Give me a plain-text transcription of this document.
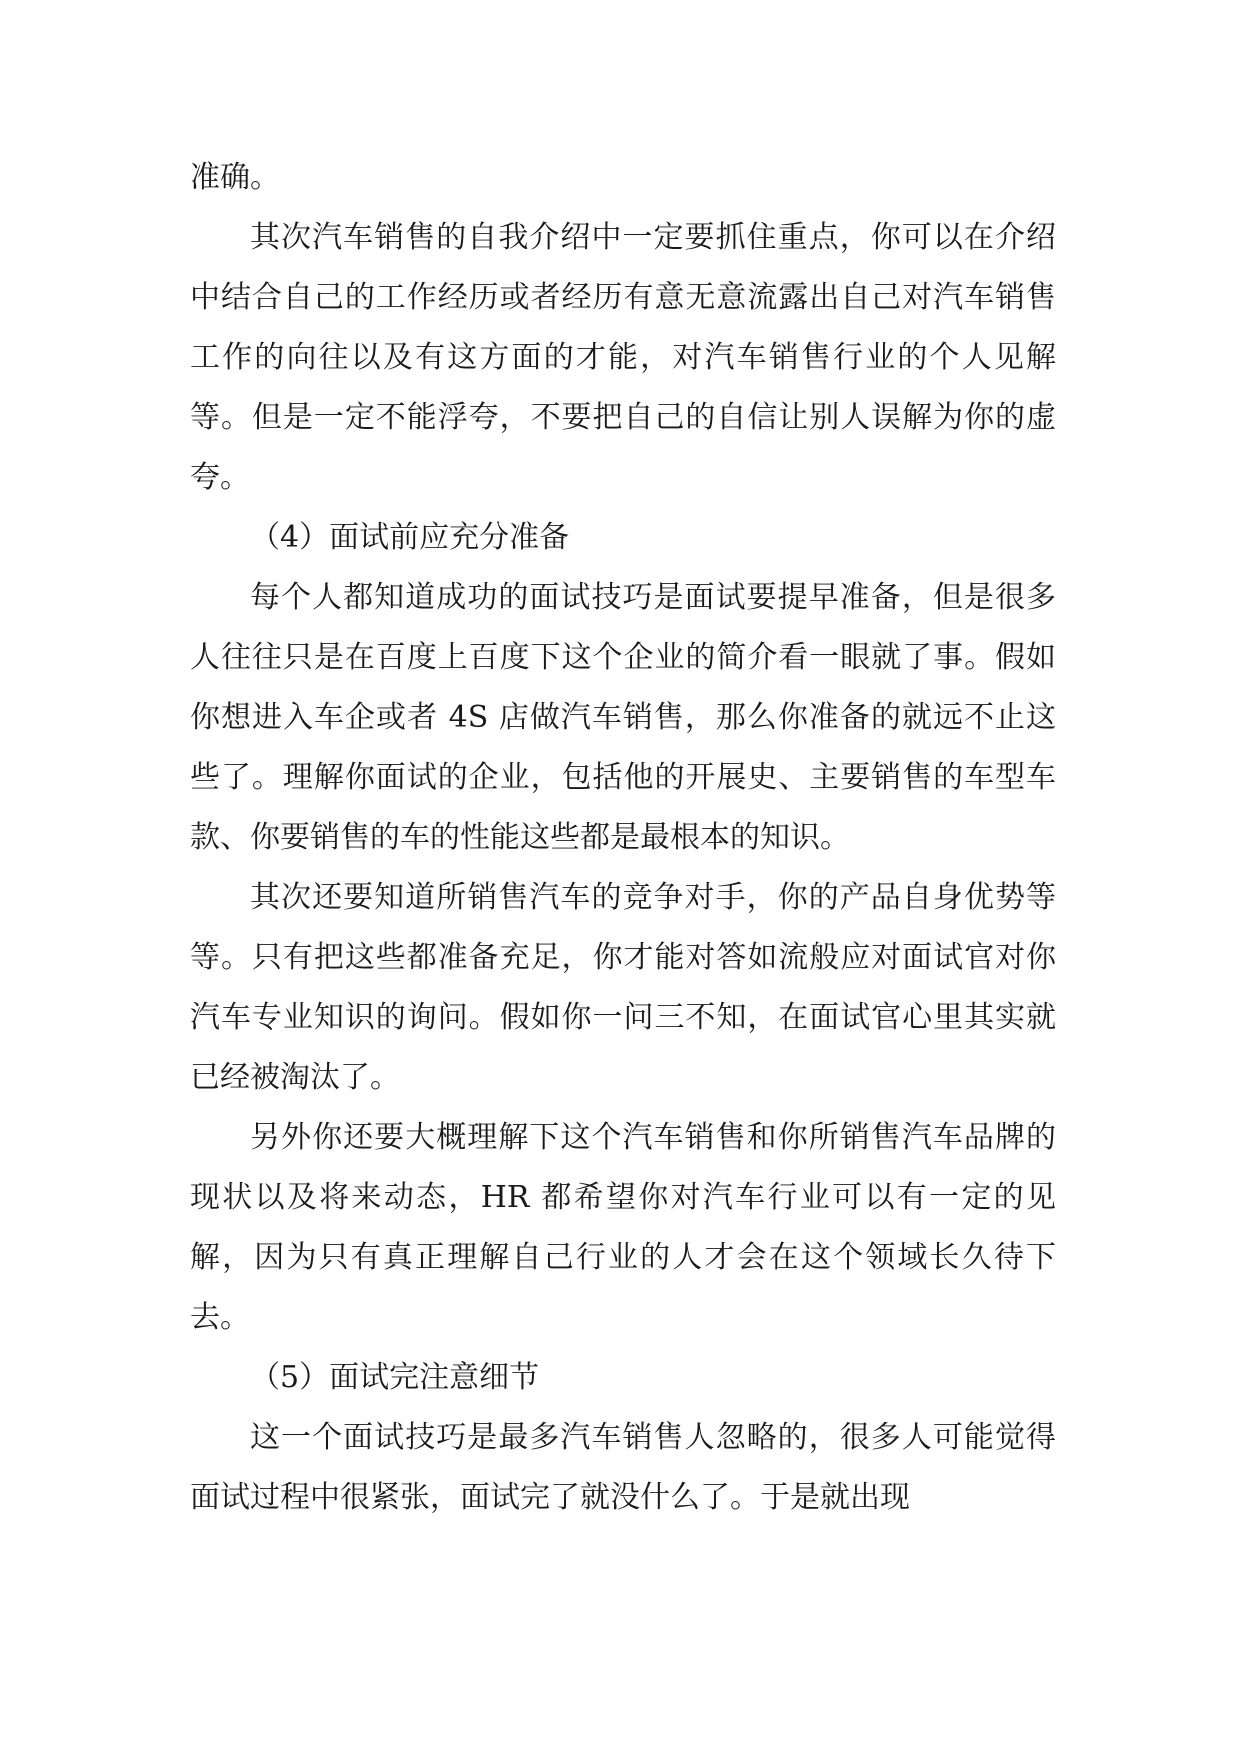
准确。

其次汽车销售的自我介绍中一定要抓住重点，你可以在介绍中结合自己的工作经历或者经历有意无意流露出自己对汽车销售工作的向往以及有这方面的才能，对汽车销售行业的个人见解等。但是一定不能浮夸，不要把自己的自信让别人误解为你的虚夸。

（4）面试前应充分准备

每个人都知道成功的面试技巧是面试要提早准备，但是很多人往往只是在百度上百度下这个企业的简介看一眼就了事。假如你想进入车企或者 4S 店做汽车销售，那么你准备的就远不止这些了。理解你面试的企业，包括他的开展史、主要销售的车型车款、你要销售的车的性能这些都是最根本的知识。

其次还要知道所销售汽车的竞争对手，你的产品自身优势等等。只有把这些都准备充足，你才能对答如流般应对面试官对你汽车专业知识的询问。假如你一问三不知，在面试官心里其实就已经被淘汰了。

另外你还要大概理解下这个汽车销售和你所销售汽车品牌的现状以及将来动态，HR 都希望你对汽车行业可以有一定的见解，因为只有真正理解自己行业的人才会在这个领域长久待下去。

（5）面试完注意细节

这一个面试技巧是最多汽车销售人忽略的，很多人可能觉得面试过程中很紧张，面试完了就没什么了。于是就出现
